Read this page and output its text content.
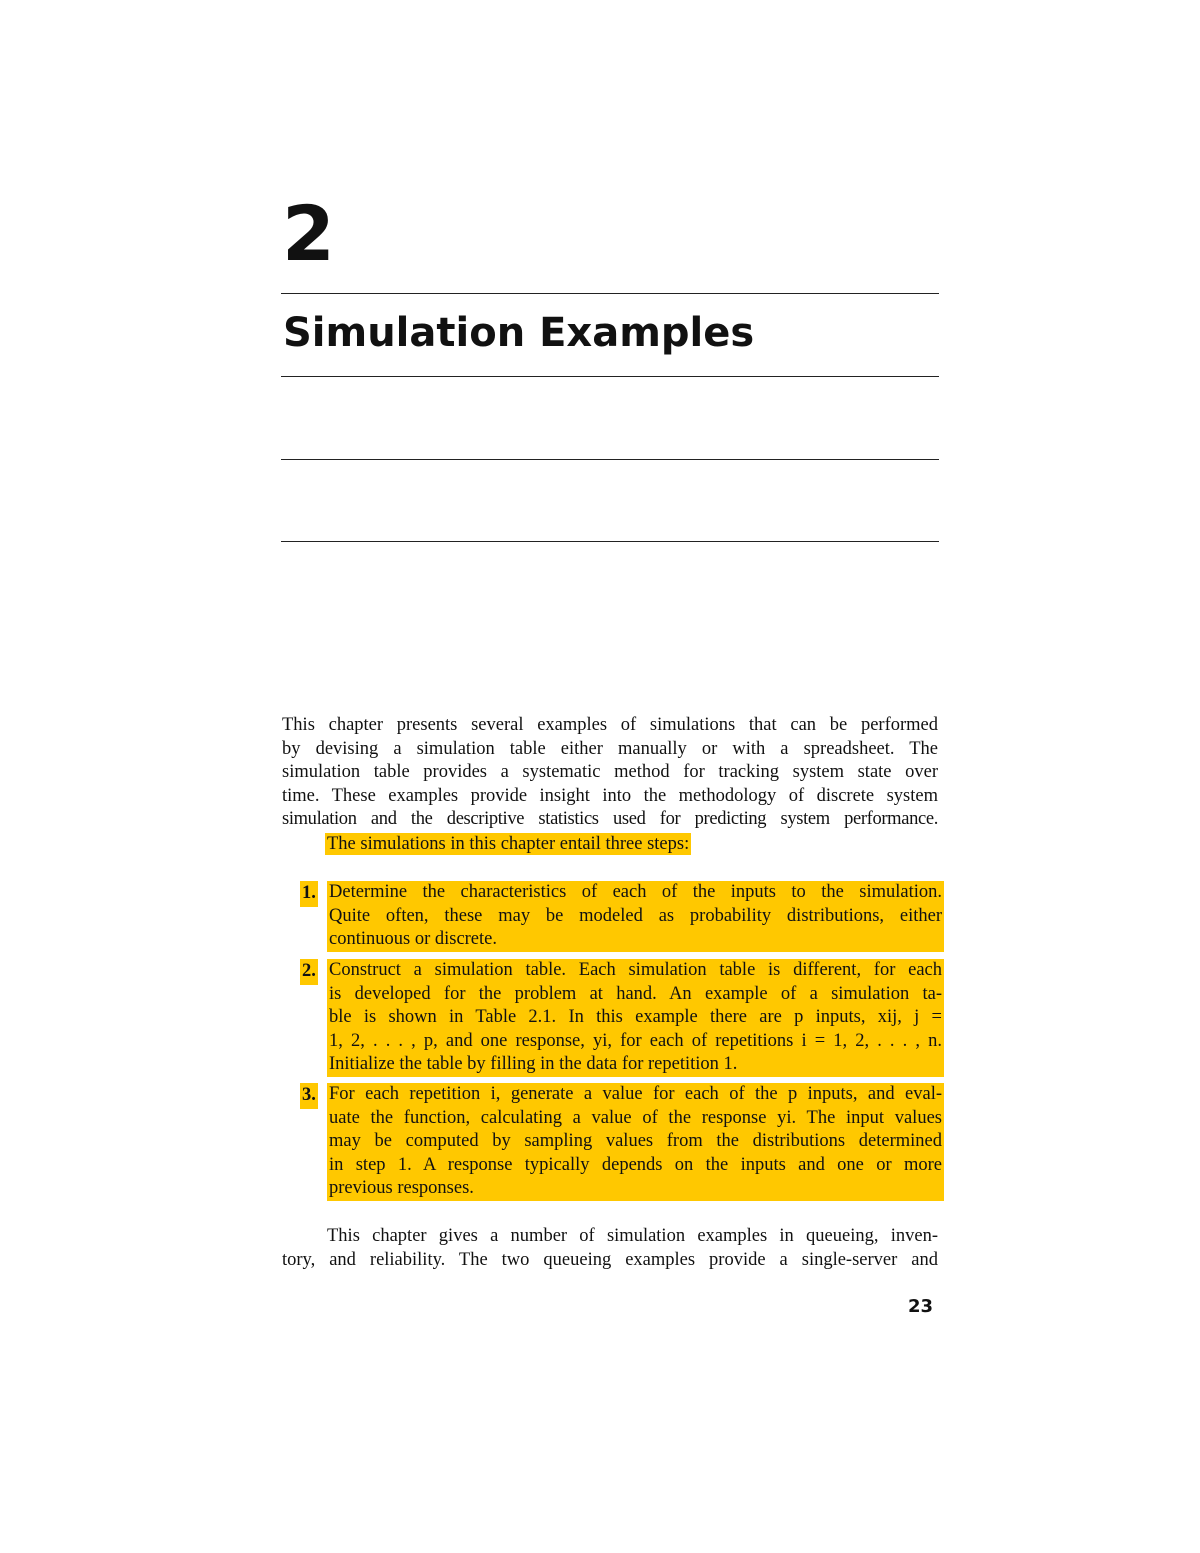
2
Simulation Examples
This chapter presents several examples of simulations that can be performed
by devising a simulation table either manually or with a spreadsheet. The
simulation table provides a systematic method for tracking system state over
time. These examples provide insight into the methodology of discrete system
simulation and the descriptive statistics used for predicting system performance.
The simulations in this chapter entail three steps:
1. Determine the characteristics of each of the inputs to the simulation.
Quite often, these may be modeled as probability distributions, either
continuous or discrete.
2. Construct a simulation table. Each simulation table is different, for each
is developed for the problem at hand. An example of a simulation ta-
ble is shown in Table 2.1. In this example there are p inputs, xij, j =
1, 2, . . . , p, and one response, yi, for each of repetitions i = 1, 2, . . . , n.
Initialize the table by filling in the data for repetition 1.
3. For each repetition i, generate a value for each of the p inputs, and eval-
uate the function, calculating a value of the response yi. The input values
may be computed by sampling values from the distributions determined
in step 1. A response typically depends on the inputs and one or more
previous responses.
This chapter gives a number of simulation examples in queueing, inven-
tory, and reliability. The two queueing examples provide a single-server and
23
